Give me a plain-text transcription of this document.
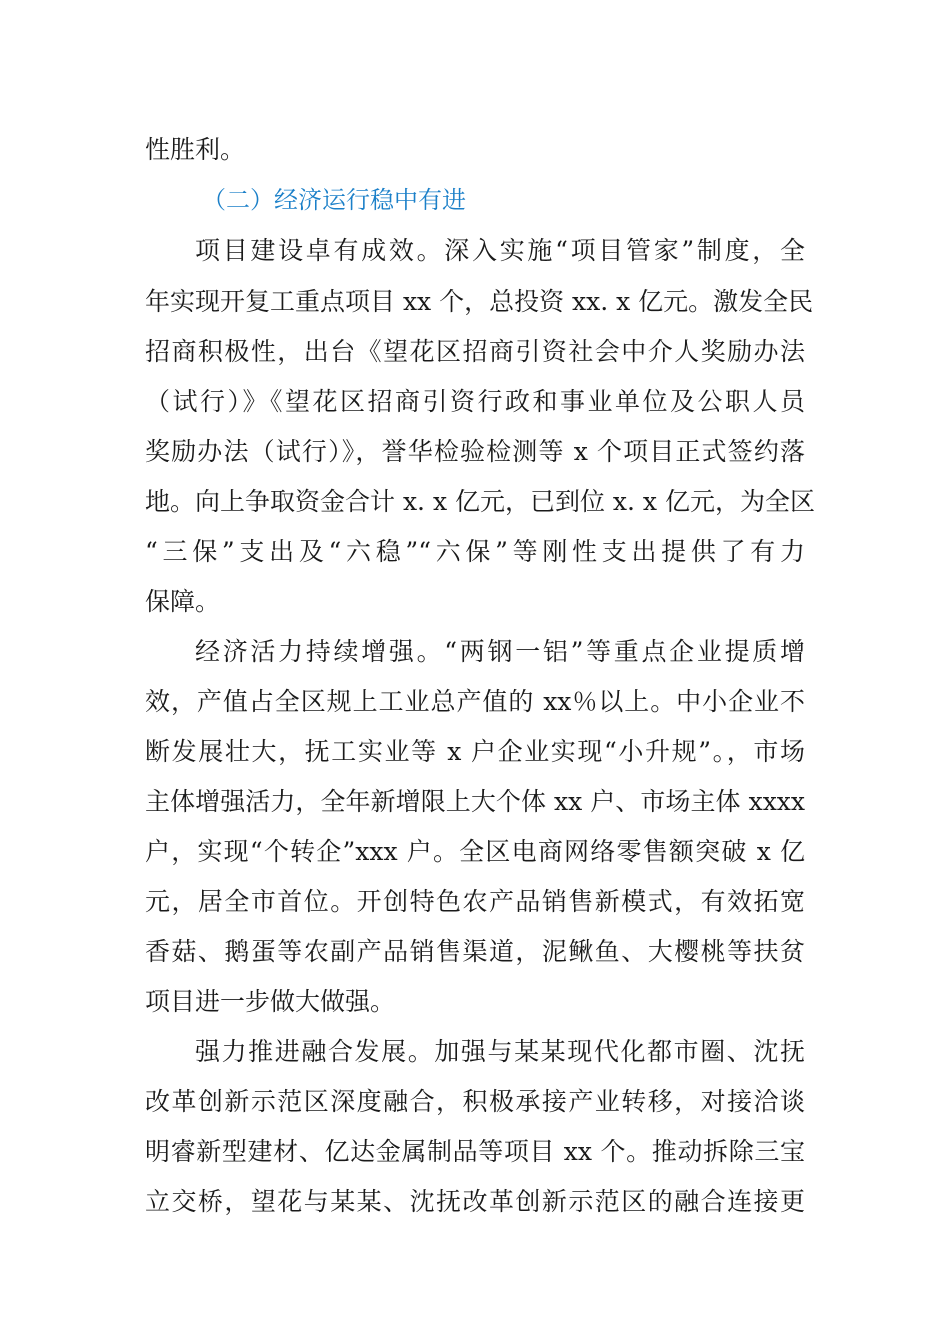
性胜利。
（二）经济运行稳中有进
项目建设卓有成效。深入实施“项目管家”制度，全
年实现开复工重点项目 xx 个，总投资 xx. x 亿元。激发全民
招商积极性，出台《望花区招商引资社会中介人奖励办法
（试行）》《望花区招商引资行政和事业单位及公职人员
奖励办法（试行）》，誉华检验检测等 x 个项目正式签约落
地。向上争取资金合计 x. x 亿元，已到位 x. x 亿元，为全区
“三保”支出及“六稳”“六保”等刚性支出提供了有力
保障。
经济活力持续增强。“两钢一铝”等重点企业提质增
效，产值占全区规上工业总产值的 xx％以上。中小企业不
断发展壮大，抚工实业等 x 户企业实现“小升规”。，市场
主体增强活力，全年新增限上大个体 xx 户、市场主体 xxxx
户，实现“个转企”xxx 户。全区电商网络零售额突破 x 亿
元，居全市首位。开创特色农产品销售新模式，有效拓宽
香菇、鹅蛋等农副产品销售渠道，泥鳅鱼、大樱桃等扶贫
项目进一步做大做强。
强力推进融合发展。加强与某某现代化都市圈、沈抚
改革创新示范区深度融合，积极承接产业转移，对接洽谈
明睿新型建材、亿达金属制品等项目 xx 个。推动拆除三宝
立交桥，望花与某某、沈抚改革创新示范区的融合连接更
